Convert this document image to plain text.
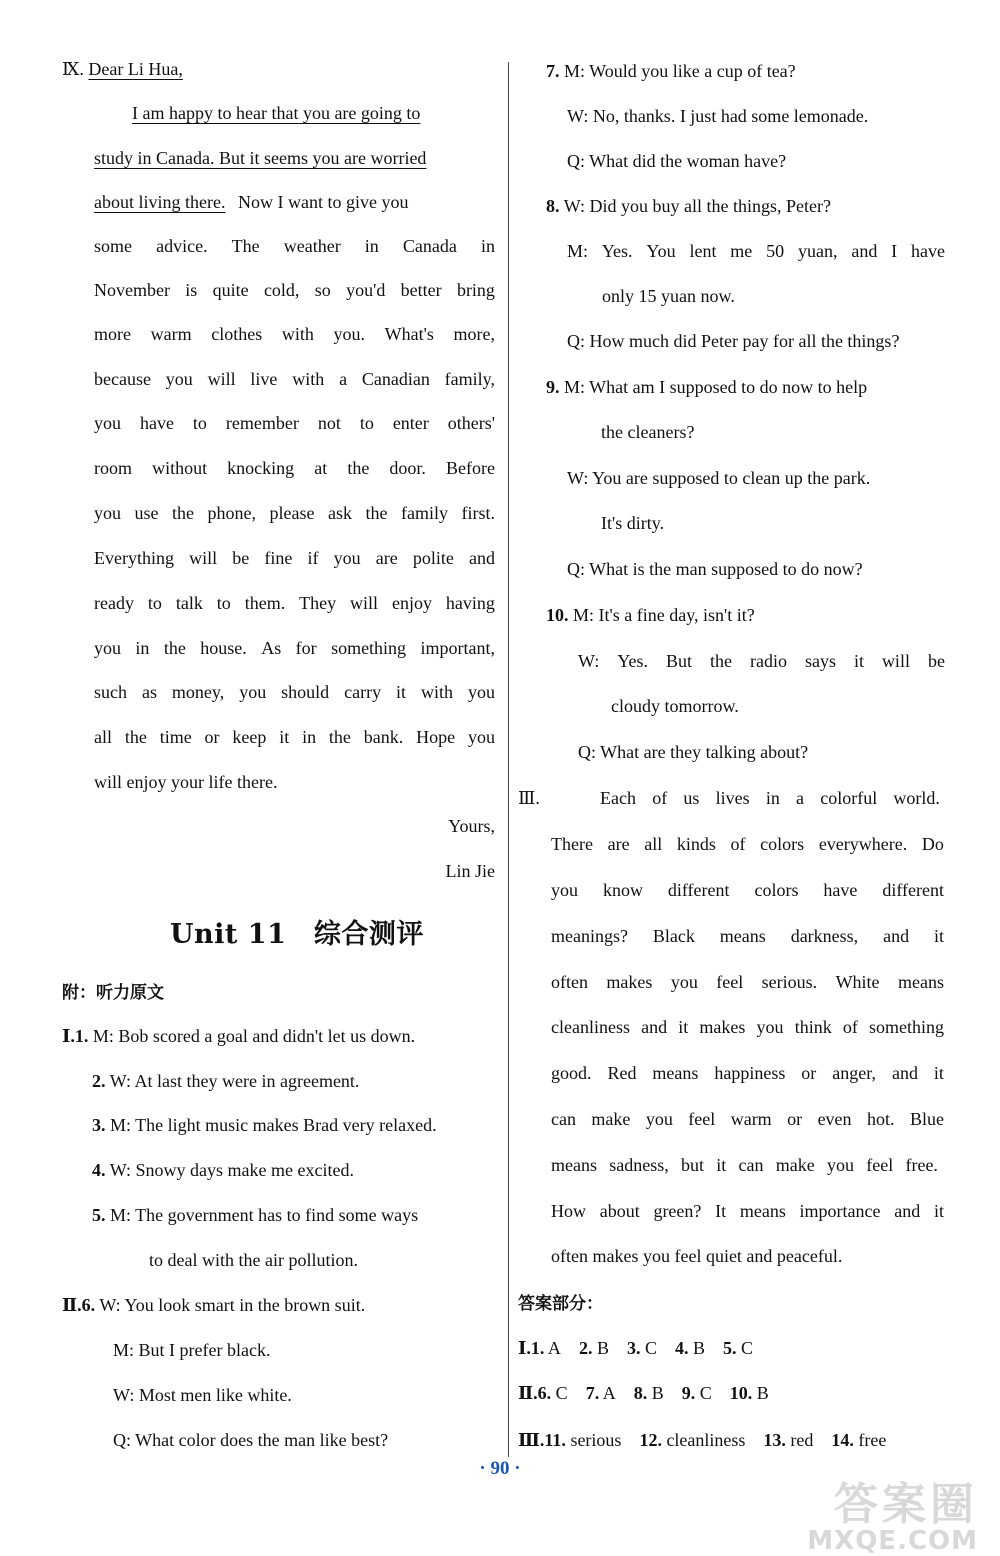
Ⅸ. Dear Li Hua,
I am happy to hear that you are going to
study in Canada. But it seems you are worried
about living there. Now I want to give you
some advice. The weather in Canada in
November is quite cold, so you'd better bring
more warm clothes with you. What's more,
because you will live with a Canadian family,
you have to remember not to enter others'
room without knocking at the door. Before
you use the phone, please ask the family first.
Everything will be fine if you are polite and
ready to talk to them. They will enjoy having
you in the house. As for something important,
such as money, you should carry it with you
all the time or keep it in the bank. Hope you
will enjoy your life there.
Yours,
Lin Jie
Unit 11　综合测评
附：听力原文
Ⅰ.1. M: Bob scored a goal and didn't let us down.
2. W: At last they were in agreement.
3. M: The light music makes Brad very relaxed.
4. W: Snowy days make me excited.
5. M: The government has to find some ways
to deal with the air pollution.
Ⅱ.6. W: You look smart in the brown suit.
M: But I prefer black.
W: Most men like white.
Q: What color does the man like best?
7. M: Would you like a cup of tea?
W: No, thanks. I just had some lemonade.
Q: What did the woman have?
8. W: Did you buy all the things, Peter?
M: Yes. You lent me 50 yuan, and I have
only 15 yuan now.
Q: How much did Peter pay for all the things?
9. M: What am I supposed to do now to help
the cleaners?
W: You are supposed to clean up the park.
It's dirty.
Q: What is the man supposed to do now?
10. M: It's a fine day, isn't it?
W: Yes. But the radio says it will be
cloudy tomorrow.
Q: What are they talking about?
Ⅲ.	Each of us lives in a colorful world.
There are all kinds of colors everywhere. Do
you know different colors have different
meanings? Black means darkness, and it
often makes you feel serious. White means
cleanliness and it makes you think of something
good. Red means happiness or anger, and it
can make you feel warm or even hot. Blue
means sadness, but it can make you feel free.
How about green? It means importance and it
often makes you feel quiet and peaceful.
答案部分：
Ⅰ.1. A 2. B 3. C 4. B 5. C
Ⅱ.6. C 7. A 8. B 9. C 10. B
Ⅲ.11. serious 12. cleanliness 13. red 14. free
· 90 ·
答案圈
MXQE.COM
